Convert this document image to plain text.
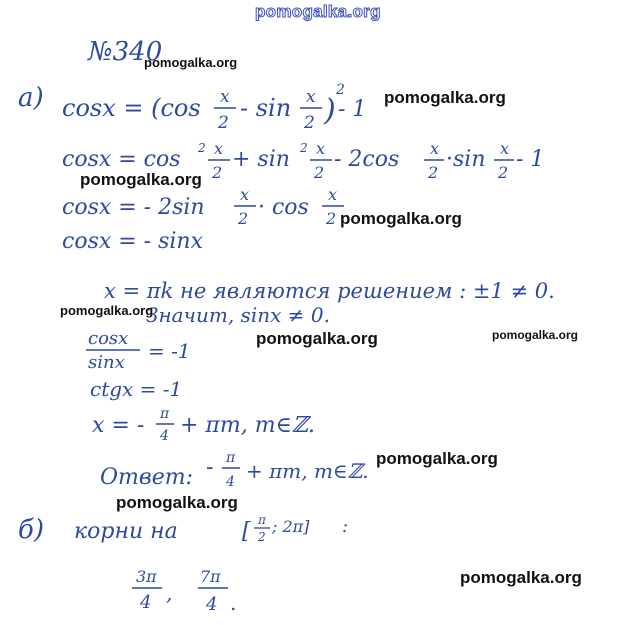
№340
а) cosx = (cos x
2
- sin x
2 )
2
- 1
cosx = cos 2 x
2
+ sin 2 x
2
- 2cos x
2
·sin x
2
- 1
cosx = - 2sin
x
2 · cos
x
2
cosx = - sinx
x = πk не являются решением : ±1 ≠ 0.
Значит, sinx ≠ 0.
cosx
sinx = -1
ctgx = -1
x = - π
4 + πm, m∈ℤ.
Ответ: - π
4 + πm, m∈ℤ.
б) корни на	[ π
2
; 2π] :
3π
4 ,
7π
4 .
pomogalka.org
pomogalka.org
pomogalka.org
pomogalka.org
pomogalka.org
pomogalka.org
pomogalka.org	pomogalka.org
pomogalka.org
pomogalka.org
pomogalka.org
